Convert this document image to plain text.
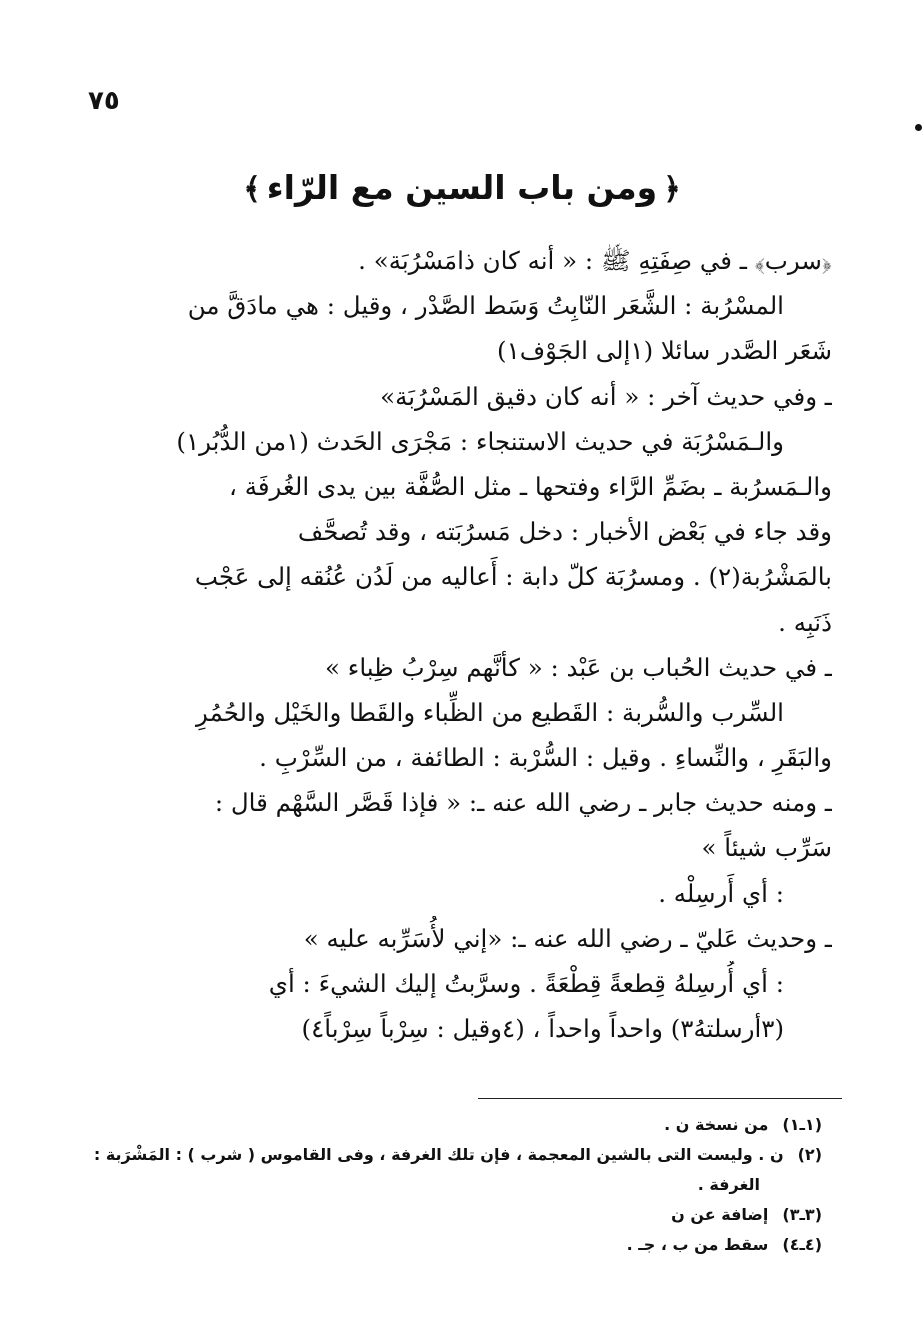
٧٥
﴿ومن باب السين مع الرّاء﴾
﴿سرب﴾ ـ في صِفَتِهِ ﷺ : « أنه كان ذامَسْرُبَة» .
المسْرُبة : الشَّعَر النّابِتُ وَسَط الصَّدْر ، وقيل : هي مادَقَّ من
شَعَر الصَّدر سائلا (١إلى الجَوْف١)
ـ وفي حديث آخر : « أنه كان دقيق المَسْرُبَة»
والـمَسْرُبَة في حديث الاستنجاء : مَجْرَى الحَدث (١من الدُّبُر١)
والـمَسرُبة ـ بضَمِّ الرَّاء وفتحها ـ مثل الصُّفَّة بين يدى الغُرفَة ،
وقد جاء في بَعْض الأخبار : دخل مَسرُبَته ، وقد تُصحَّف
بالمَشْرُبة(٢) . ومسرُبَة كلّ دابة : أَعاليه من لَدُن عُنُقه إلى عَجْب
ذَنَبِه .
ـ في حديث الحُباب بن عَبْد : « كأنَّهم سِرْبُ ظِباء »
السِّرب والسُّربة : القَطيع من الظِّباء والقَطا والخَيْل والحُمُرِ
والبَقَرِ ، والنِّساءِ . وقيل : السُّرْبة : الطائفة ، من السِّرْبِ .
ـ ومنه حديث جابر ـ رضي الله عنه ـ: « فإذا قَصَّر السَّهْم قال :
سَرِّب شيئاً »
: أي أَرسِلْه .
ـ وحديث عَليّ ـ رضي الله عنه ـ: «إني لأُسَرِّبه عليه »
: أي أُرسِلهُ قِطعةً قِطْعَةً . وسرَّبتُ إليك الشيءَ : أي
(٣أرسلتهُ٣) واحداً واحداً ، (٤وقيل : سِرْباً سِرْباً٤)
(١ـ١)من نسخة ن .
(٢)ن . وليست التى بالشين المعجمة ، فإن تلك الغرفة ، وفى القاموس ( شرب ) : المَشْرَبة :
الغرفة .
(٣ـ٣)إضافة عن ن
(٤ـ٤)سقط من ب ، جـ .
